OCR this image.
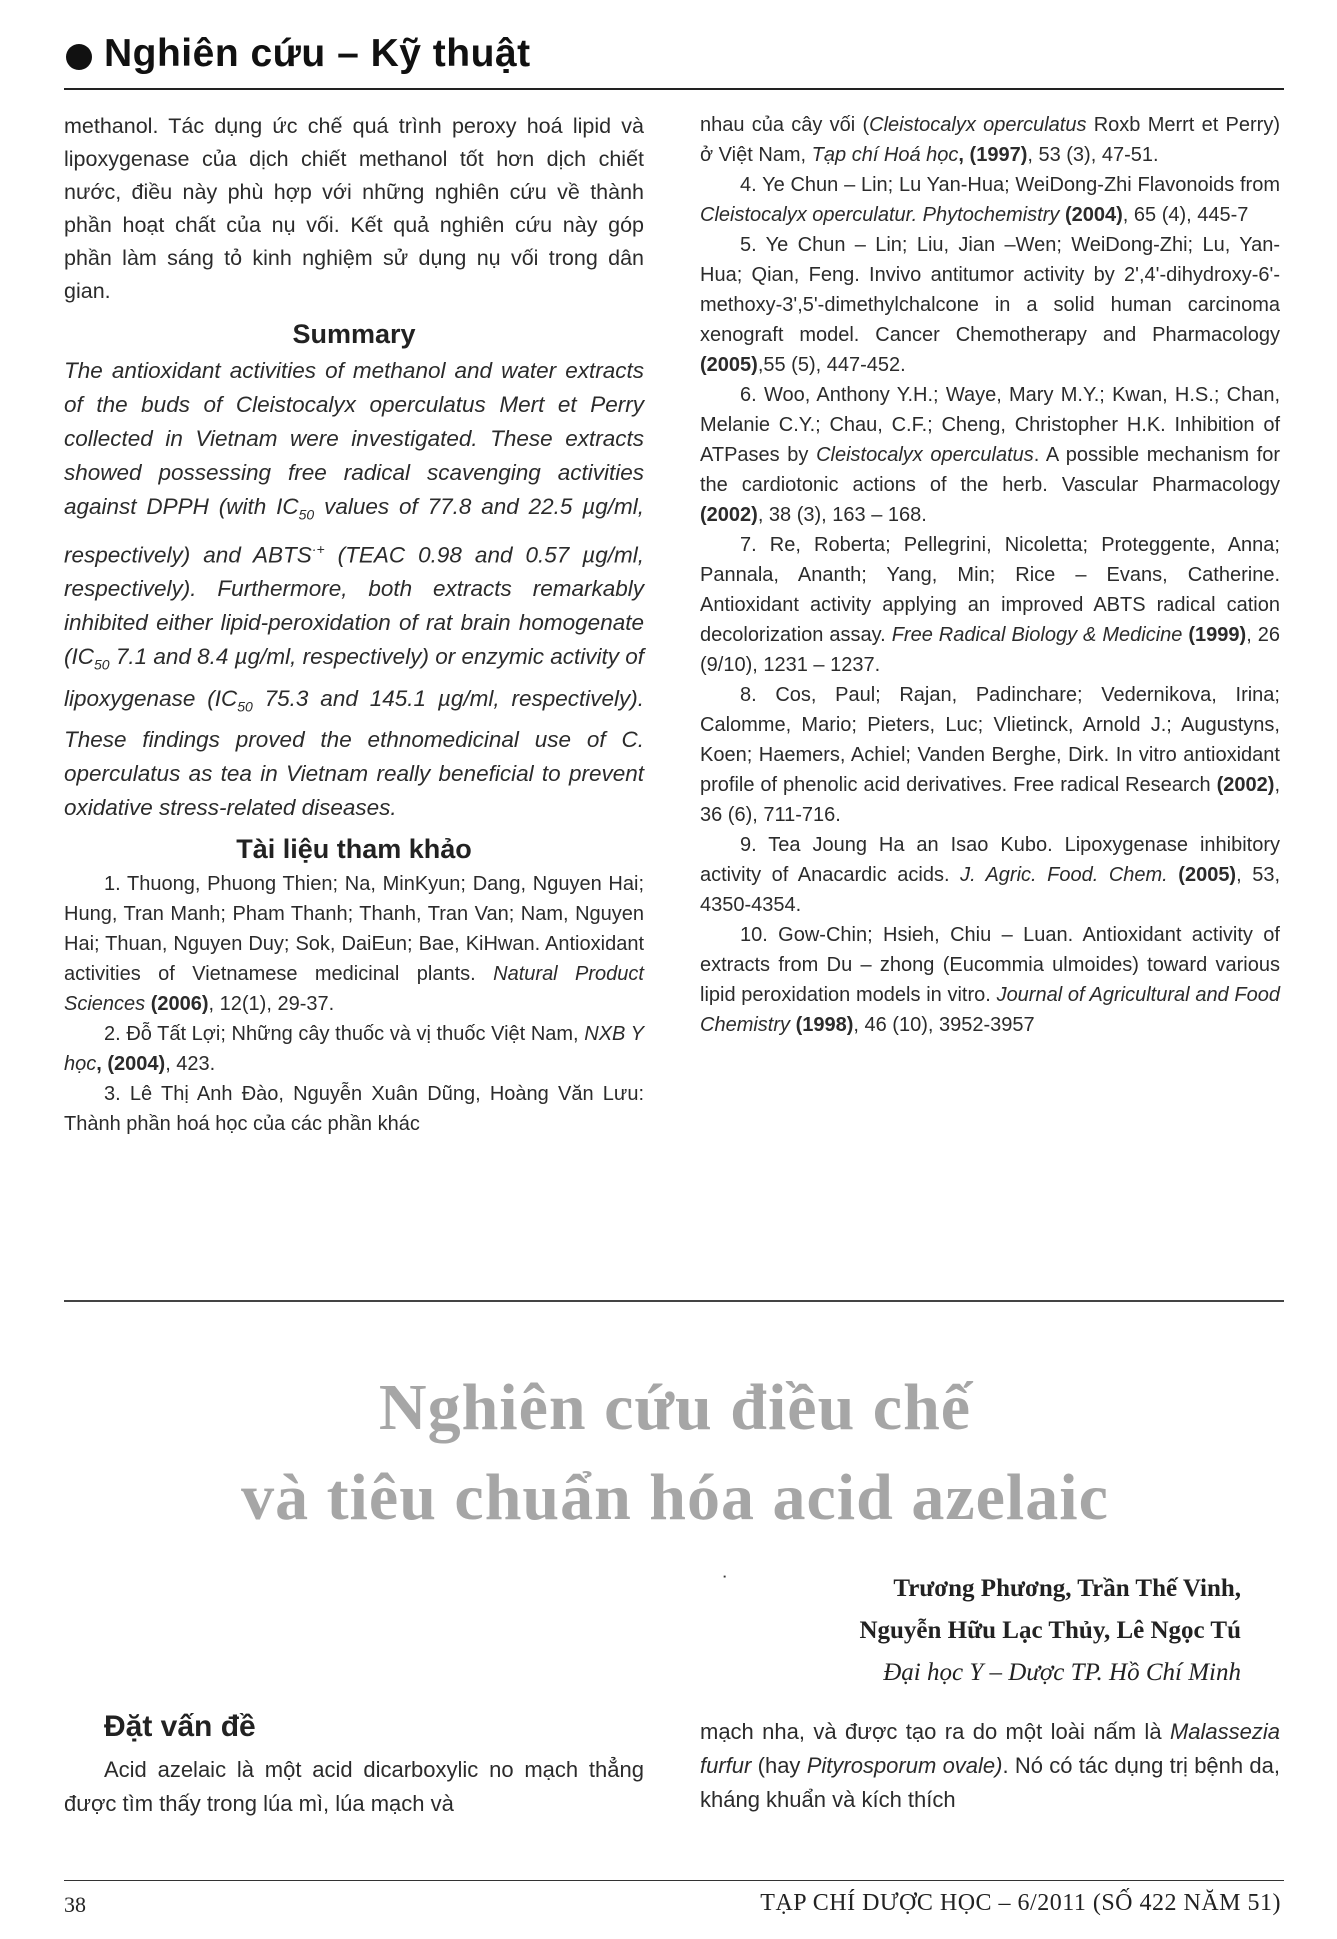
Nghiên cứu – Kỹ thuật

methanol. Tác dụng ức chế quá trình peroxy hoá lipid và lipoxygenase của dịch chiết methanol tốt hơn dịch chiết nước, điều này phù hợp với những nghiên cứu về thành phần hoạt chất của nụ vối. Kết quả nghiên cứu này góp phần làm sáng tỏ kinh nghiệm sử dụng nụ vối trong dân gian.

Summary

The antioxidant activities of methanol and water extracts of the buds of Cleistocalyx operculatus Mert et Perry collected in Vietnam were investigated. These extracts showed possessing free radical scavenging activities against DPPH (with $IC_{50}$ values of 77.8 and 22.5 µg/ml, respectively) and ABTS·+ (TEAC 0.98 and 0.57 µg/ml, respectively). Furthermore, both extracts remarkably inhibited either lipid-peroxidation of rat brain homogenate ($IC_{50}$ 7.1 and 8.4 µg/ml, respectively) or enzymic activity of lipoxygenase ($IC_{50}$ 75.3 and 145.1 µg/ml, respectively). These findings proved the ethnomedicinal use of C. operculatus as tea in Vietnam really beneficial to prevent oxidative stress-related diseases.

Tài liệu tham khảo

1. Thuong, Phuong Thien; Na, MinKyun; Dang, Nguyen Hai; Hung, Tran Manh; Pham Thanh; Thanh, Tran Van; Nam, Nguyen Hai; Thuan, Nguyen Duy; Sok, DaiEun; Bae, KiHwan. Antioxidant activities of Vietnamese medicinal plants. Natural Product Sciences (2006), 12(1), 29-37.

2. Đỗ Tất Lợi; Những cây thuốc và vị thuốc Việt Nam, NXB Y học, (2004), 423.

3. Lê Thị Anh Đào, Nguyễn Xuân Dũng, Hoàng Văn Lưu: Thành phần hoá học của các phần khác

nhau của cây vối (Cleistocalyx operculatus Roxb Merrt et Perry) ở Việt Nam, Tạp chí Hoá học, (1997), 53 (3), 47-51.

4. Ye Chun – Lin; Lu Yan-Hua; WeiDong-Zhi Flavonoids from Cleistocalyx operculatur. Phytochemistry (2004), 65 (4), 445-7

5. Ye Chun – Lin; Liu, Jian –Wen; WeiDong-Zhi; Lu, Yan-Hua; Qian, Feng. Invivo antitumor activity by 2',4'-dihydroxy-6'-methoxy-3',5'-dimethylchalcone in a solid human carcinoma xenograft model. Cancer Chemotherapy and Pharmacology (2005),55 (5), 447-452.

6. Woo, Anthony Y.H.; Waye, Mary M.Y.; Kwan, H.S.; Chan, Melanie C.Y.; Chau, C.F.; Cheng, Christopher H.K. Inhibition of ATPases by Cleistocalyx operculatus. A possible mechanism for the cardiotonic actions of the herb. Vascular Pharmacology (2002), 38 (3), 163 – 168.

7. Re, Roberta; Pellegrini, Nicoletta; Proteggente, Anna; Pannala, Ananth; Yang, Min; Rice – Evans, Catherine. Antioxidant activity applying an improved ABTS radical cation decolorization assay. Free Radical Biology & Medicine (1999), 26 (9/10), 1231 – 1237.

8. Cos, Paul; Rajan, Padinchare; Vedernikova, Irina; Calomme, Mario; Pieters, Luc; Vlietinck, Arnold J.; Augustyns, Koen; Haemers, Achiel; Vanden Berghe, Dirk. In vitro antioxidant profile of phenolic acid derivatives. Free radical Research (2002), 36 (6), 711-716.

9. Tea Joung Ha an Isao Kubo. Lipoxygenase inhibitory activity of Anacardic acids. J. Agric. Food. Chem. (2005), 53, 4350-4354.

10. Gow-Chin; Hsieh, Chiu – Luan. Antioxidant activity of extracts from Du – zhong (Eucommia ulmoides) toward various lipid peroxidation models in vitro. Journal of Agricultural and Food Chemistry (1998), 46 (10), 3952-3957

Nghiên cứu điều chế
và tiêu chuẩn hóa acid azelaic
˙	Trương Phương, Trần Thế Vinh,
Nguyễn Hữu Lạc Thủy, Lê Ngọc Tú
Đại học Y – Dược TP. Hồ Chí Minh
Đặt vấn đề

Acid azelaic là một acid dicarboxylic no mạch thẳng được tìm thấy trong lúa mì, lúa mạch và

mạch nha, và được tạo ra do một loài nấm là Malassezia furfur (hay Pityrosporum ovale). Nó có tác dụng trị bệnh da, kháng khuẩn và kích thích

38	TẠP CHÍ DƯỢC HỌC – 6/2011 (SỐ 422 NĂM 51)
